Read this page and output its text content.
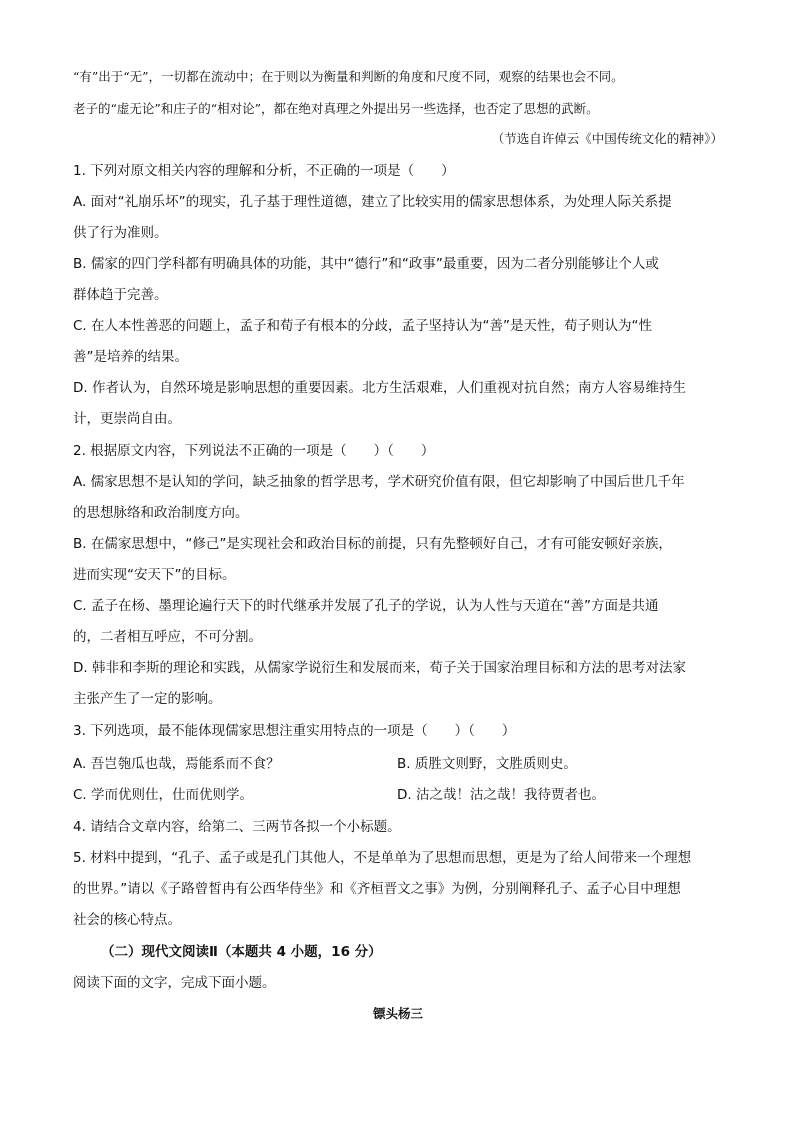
“有”出于“无”，一切都在流动中；在于则以为衡量和判断的角度和尺度不同，观察的结果也会不同。
老子的“虚无论”和庄子的“相对论”，都在绝对真理之外提出另一些选择，也否定了思想的武断。
（节选自许倬云《中国传统文化的精神》）
1. 下列对原文相关内容的理解和分析，不正确的一项是（　　）
A. 面对“礼崩乐坏”的现实，孔子基于理性道德，建立了比较实用的儒家思想体系，为处理人际关系提
供了行为准则。
B. 儒家的四门学科都有明确具体的功能，其中“德行”和“政事”最重要，因为二者分别能够让个人或
群体趋于完善。
C. 在人本性善恶的问题上，孟子和荀子有根本的分歧，孟子坚持认为“善”是天性，荀子则认为“性
善”是培养的结果。
D. 作者认为，自然环境是影响思想的重要因素。北方生活艰难，人们重视对抗自然；南方人容易维持生
计，更崇尚自由。
2. 根据原文内容，下列说法不正确的一项是（　　）（　　）
A. 儒家思想不是认知的学问，缺乏抽象的哲学思考，学术研究价值有限，但它却影响了中国后世几千年
的思想脉络和政治制度方向。
B. 在儒家思想中，“修己”是实现社会和政治目标的前提，只有先整顿好自己，才有可能安顿好亲族，
进而实现“安天下”的目标。
C. 孟子在杨、墨理论遍行天下的时代继承并发展了孔子的学说，认为人性与天道在“善”方面是共通
的，二者相互呼应，不可分割。
D. 韩非和李斯的理论和实践，从儒家学说衍生和发展而来，荀子关于国家治理目标和方法的思考对法家
主张产生了一定的影响。
3. 下列选项，最不能体现儒家思想注重实用特点的一项是（　　）（　　）
A. 吾岂匏瓜也哉，焉能系而不食？	B. 质胜文则野，文胜质则史。
C. 学而优则仕，仕而优则学。	D. 沽之哉！沽之哉！我待贾者也。
4. 请结合文章内容，给第二、三两节各拟一个小标题。
5. 材料中提到，“孔子、孟子或是孔门其他人，不是单单为了思想而思想，更是为了给人间带来一个理想
的世界。”请以《子路曾皙冉有公西华侍坐》和《齐桓晋文之事》为例，分别阐释孔子、孟子心目中理想
社会的核心特点。
（二）现代文阅读Ⅱ（本题共 4 小题，16 分）
阅读下面的文字，完成下面小题。
镖头杨三
